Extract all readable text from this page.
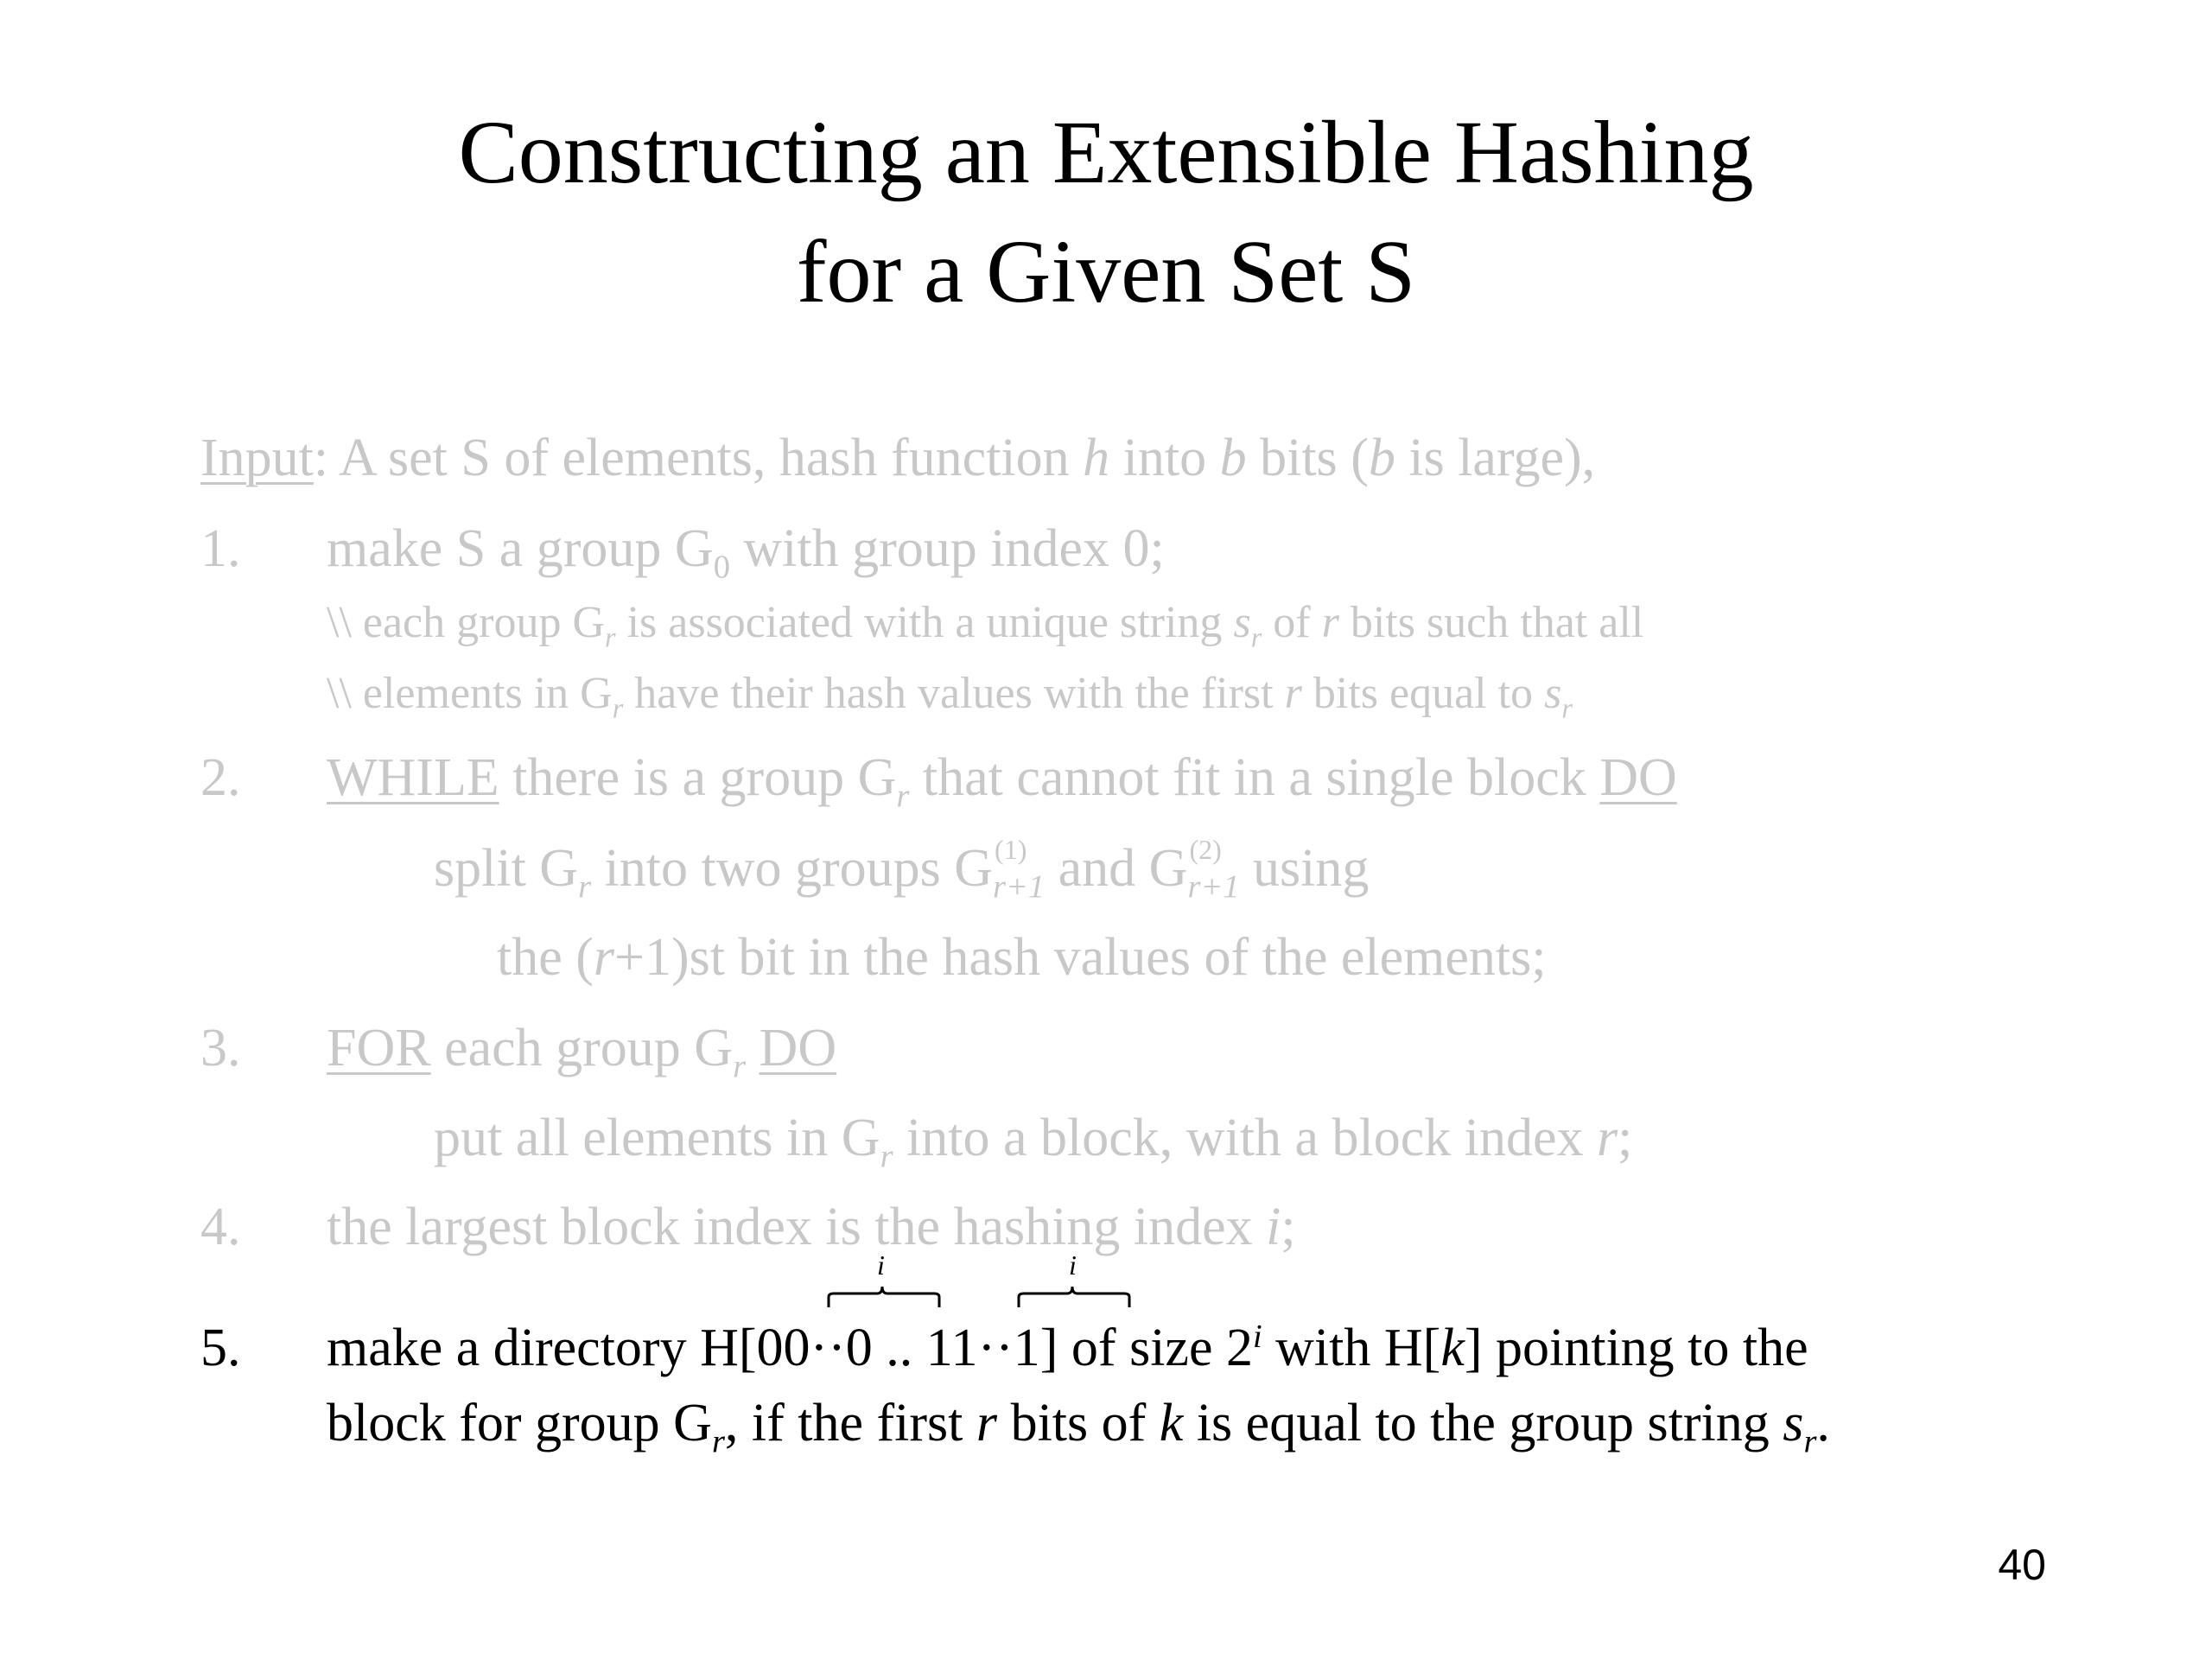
Constructing an Extensible Hashing
for a Given Set S
Input: A set S of elements, hash function h into b bits (b is large),
1. make S a group $G_0$ with group index 0;
\\ each group $G_r$ is associated with a unique string $s_r$ of r bits such that all
\\ elements in $G_r$ have their hash values with the first r bits equal to $s_r$
2. WHILE there is a group $G_r$ that cannot fit in a single block DO
split $G_r$ into two groups G (1)
$_{r+1}$ and G (2)
$_{r+1}$ using
the (r+1)st bit in the hash values of the elements;
3. FOR each group $G_r$ DO
put all elements in $G_r$ into a block, with a block index r;
4. the largest block index is the hashing index i;
i	i
5. make a directory H[00··0 .. 11··1] of size 2$^i$ with H[k] pointing to the
block for group $G_r$, if the first r bits of k is equal to the group string $s_r$.
40
